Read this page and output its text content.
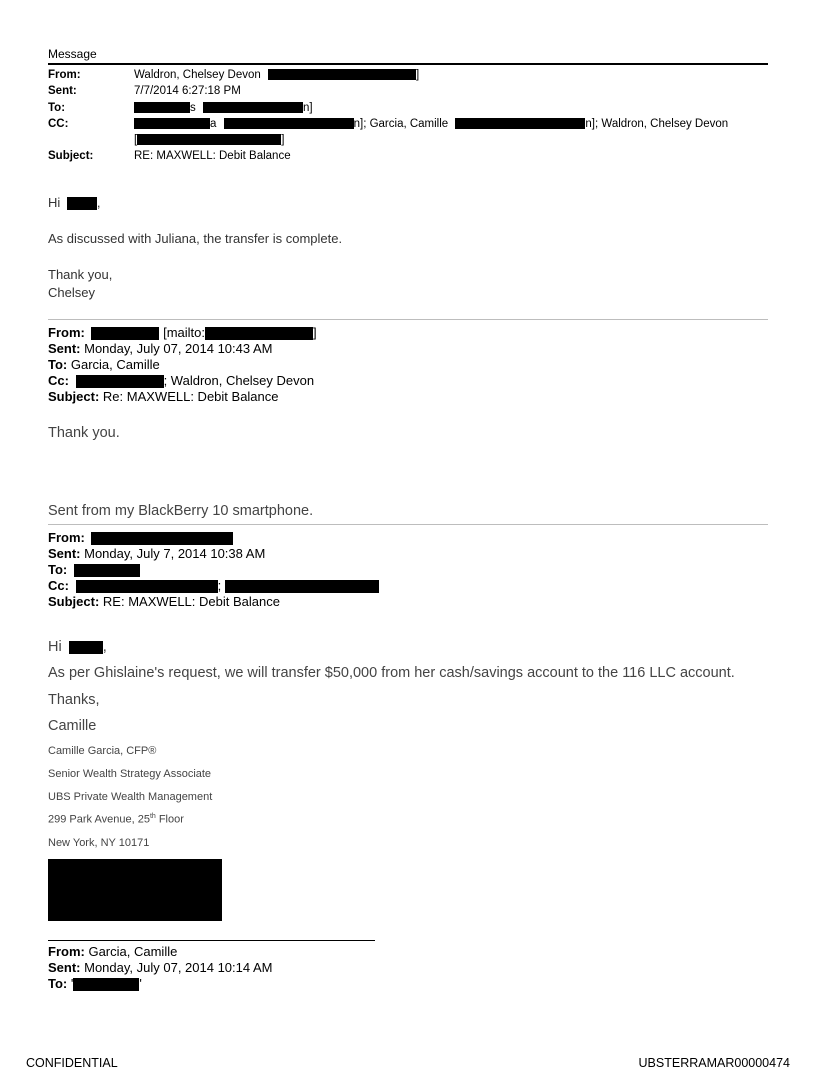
Message
From:	Waldron, Chelsey Devon	]
Sent:	7/7/2014 6:27:18 PM
To:	s	n]
CC:	a	n]; Garcia, Camille	n]; Waldron, Chelsey Devon
[	]
Subject:	RE: MAXWELL: Debit Balance
Hi	,
As discussed with Juliana, the transfer is complete.
Thank you,
Chelsey
From:	[mailto:	]
Sent: Monday, July 07, 2014 10:43 AM
To: Garcia, Camille
Cc:	; Waldron, Chelsey Devon
Subject: Re: MAXWELL: Debit Balance
Thank you.
Sent from my BlackBerry 10 smartphone.
From:
Sent: Monday, July 7, 2014 10:38 AM
To:
Cc:	;
Subject: RE: MAXWELL: Debit Balance
Hi	,
As per Ghislaine's request, we will transfer $50,000 from her cash/savings account to the 116 LLC account.
Thanks,
Camille
Camille Garcia, CFP®
Senior Wealth Strategy Associate
UBS Private Wealth Management
299 Park Avenue, 25th Floor
New York, NY 10171
From: Garcia, Camille
Sent: Monday, July 07, 2014 10:14 AM
To: '	'
CONFIDENTIAL	UBSTERRAMAR00000474
